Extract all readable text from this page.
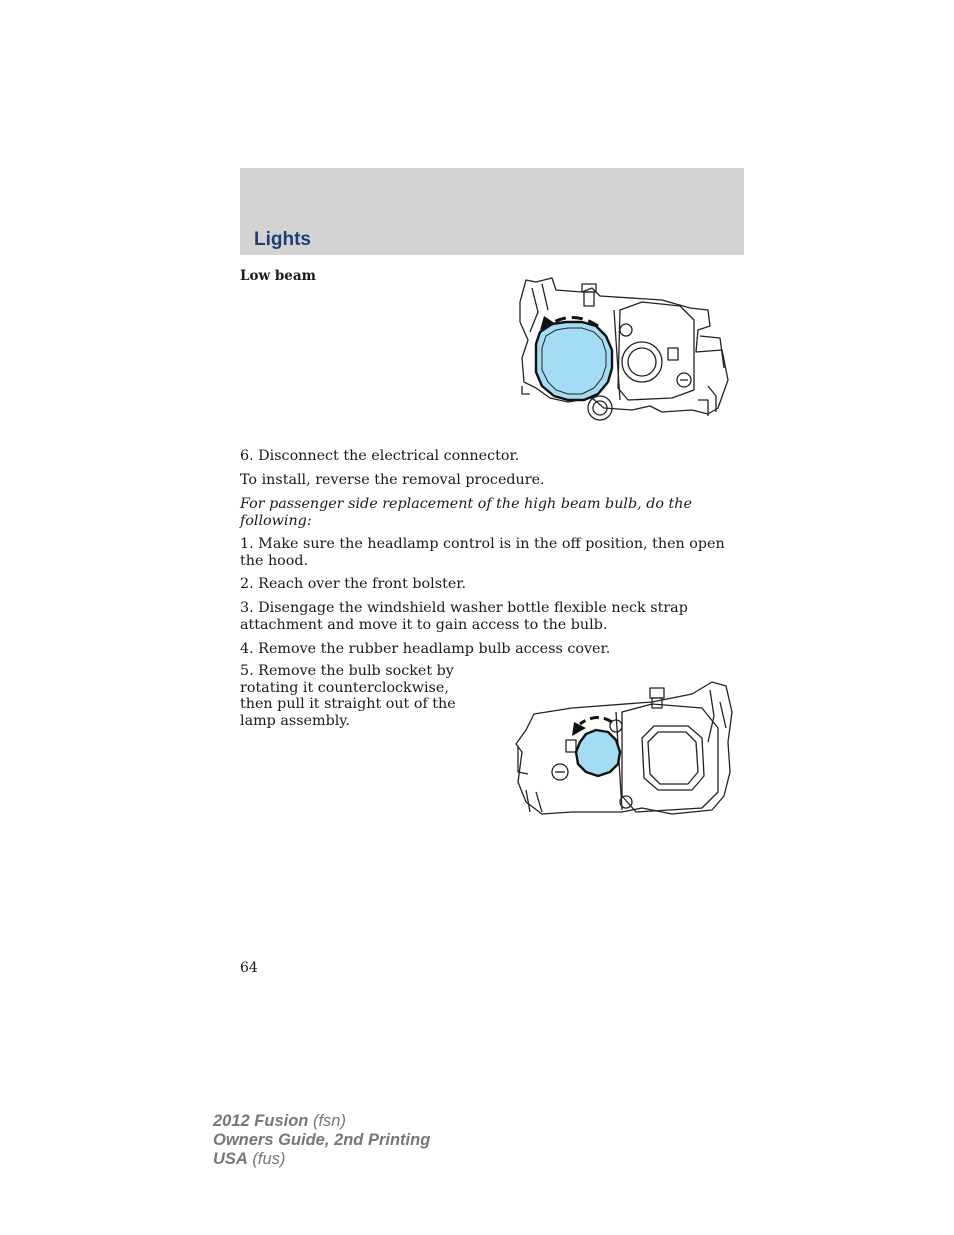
Lights
Low beam
6. Disconnect the electrical connector.
To install, reverse the removal procedure.
For passenger side replacement of the high beam bulb, do the following:
1. Make sure the headlamp control is in the off position, then open the hood.
2. Reach over the front bolster.
3. Disengage the windshield washer bottle flexible neck strap attachment and move it to gain access to the bulb.
4. Remove the rubber headlamp bulb access cover.
5. Remove the bulb socket by rotating it counterclockwise, then pull it straight out of the lamp assembly.
64
2012 Fusion (fsn)
Owners Guide, 2nd Printing
USA (fus)
